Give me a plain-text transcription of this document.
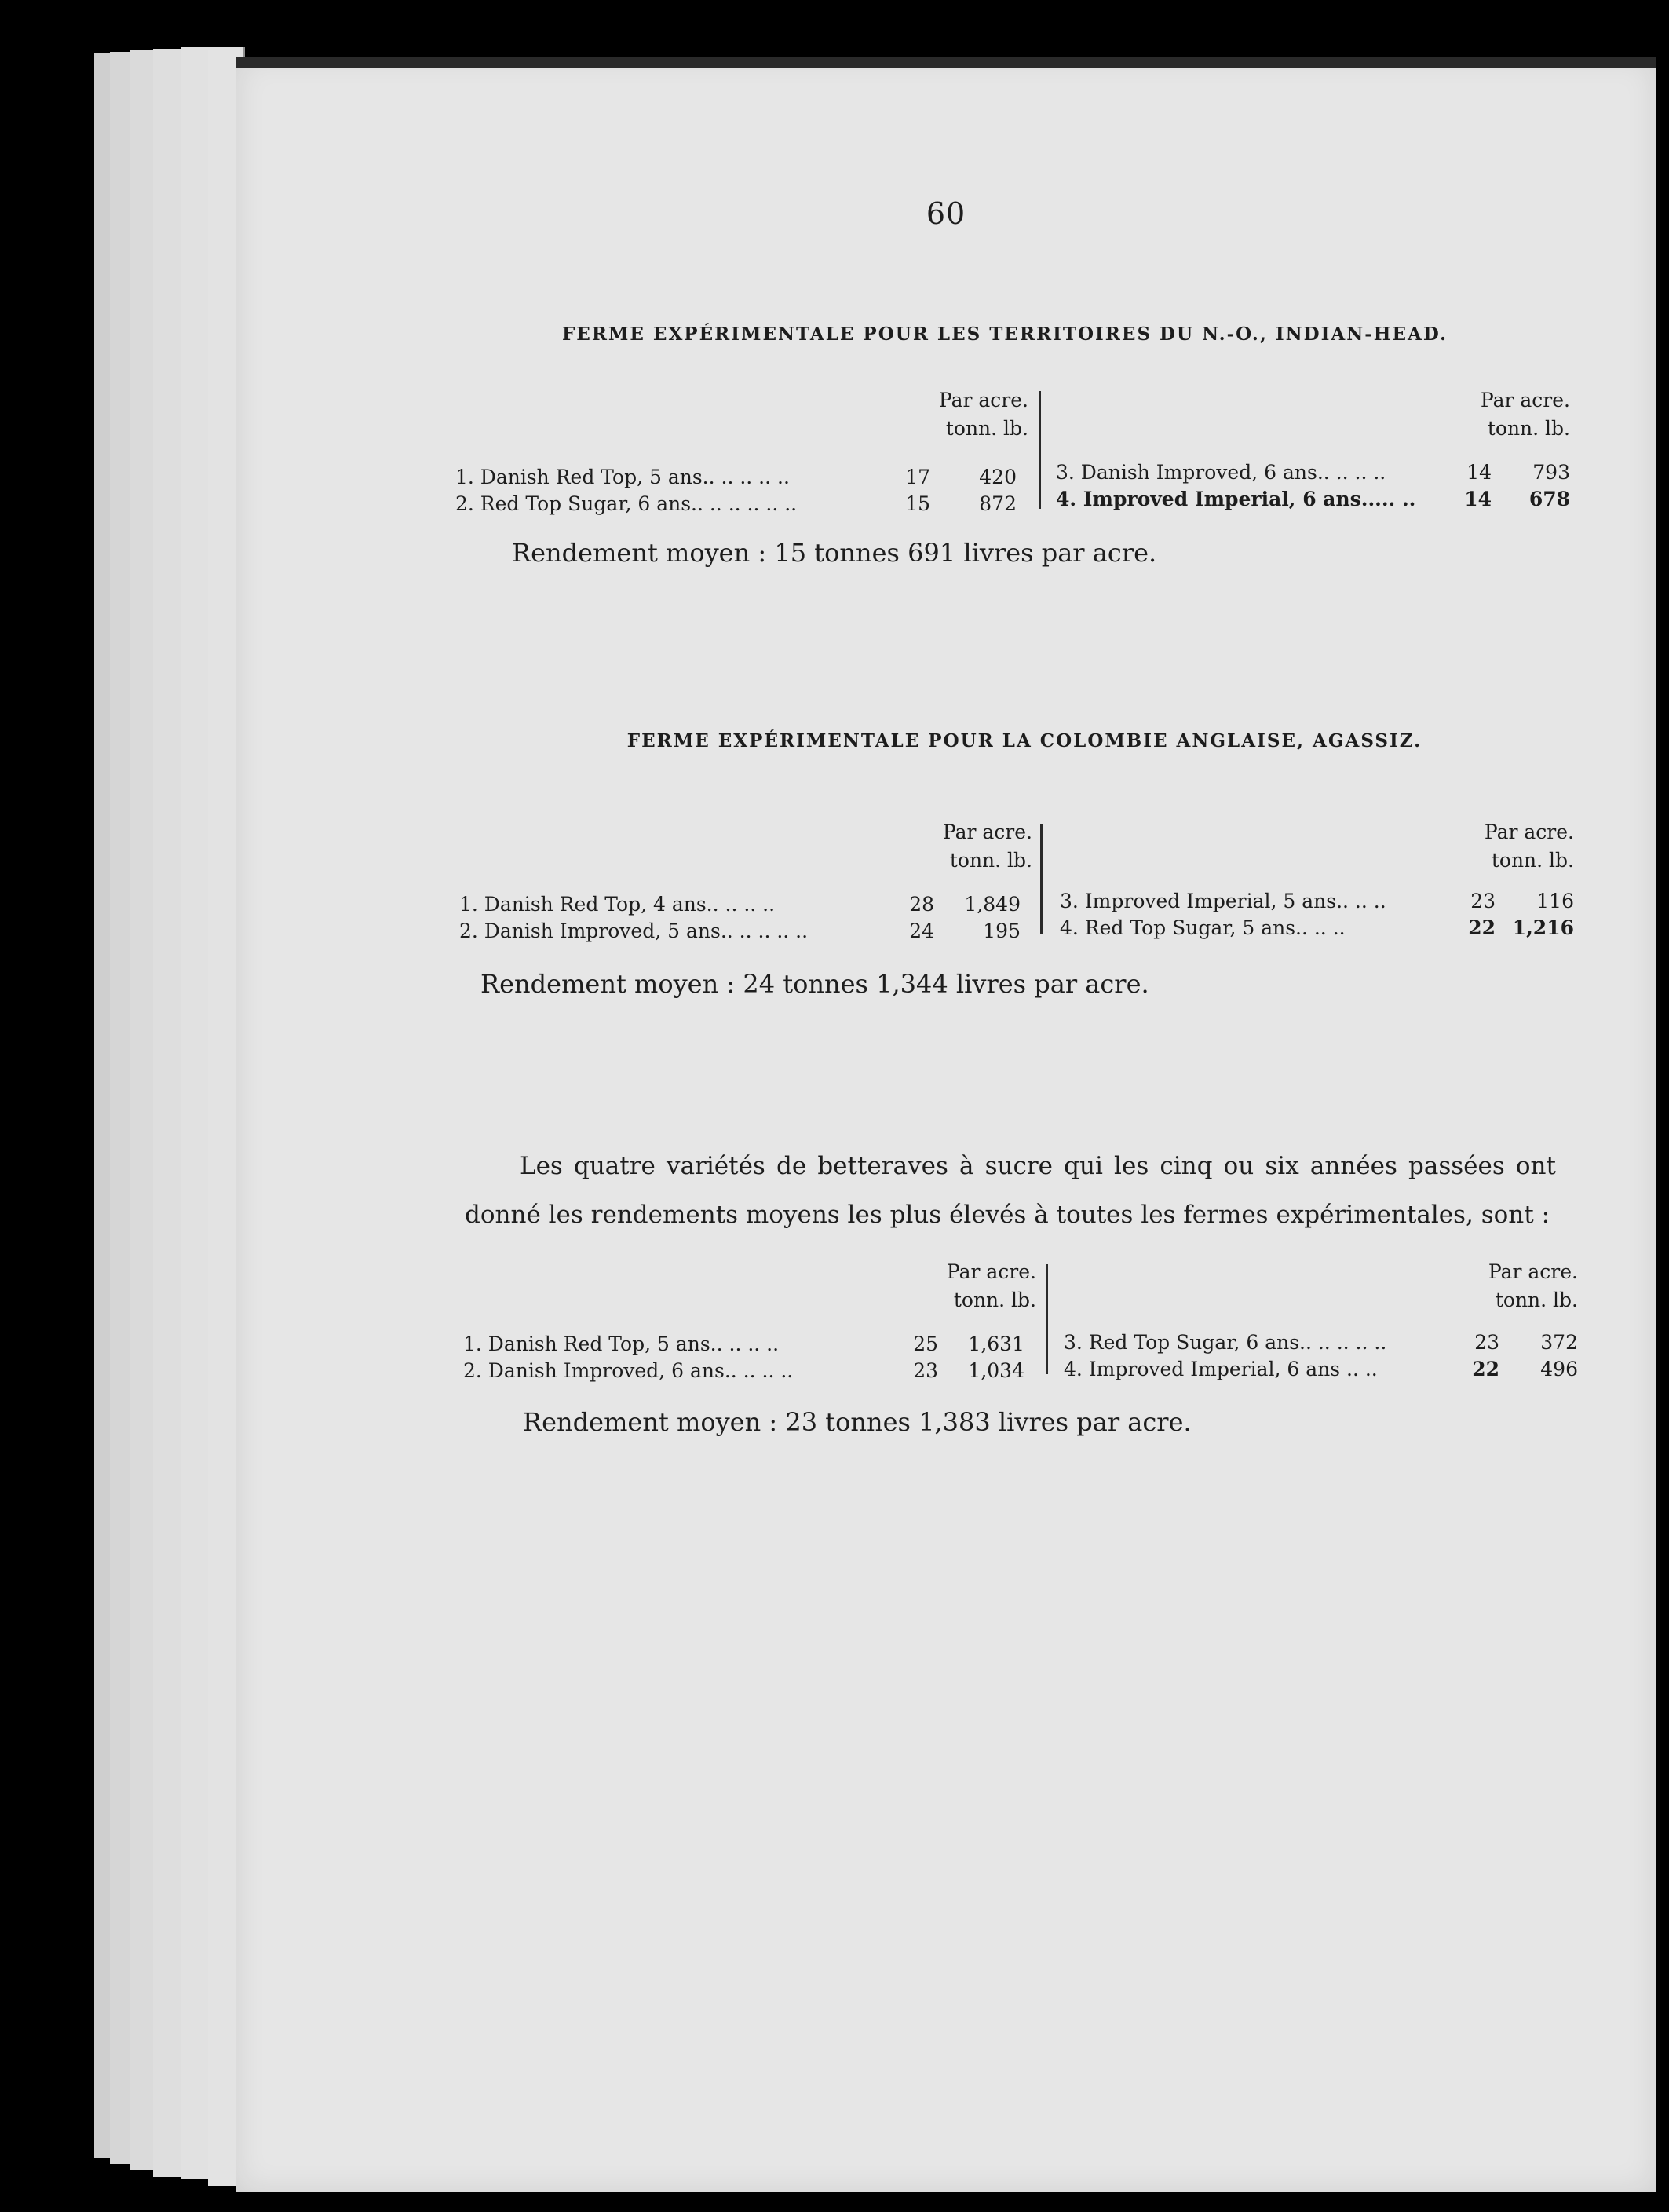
60
FERME EXPÉRIMENTALE POUR LES TERRITOIRES DU N.-O., INDIAN-HEAD.
Par acre.
tonn. lb.
Par acre.
tonn. lb.
1. Danish Red Top, 5 ans.. .. .. .. ..	17	420
2. Red Top Sugar, 6 ans.. .. .. .. .. ..	15	872
3. Danish Improved, 6 ans.. .. .. ..	14	793
4. Improved Imperial, 6 ans..... ..	14	678
Rendement moyen : 15 tonnes 691 livres par acre.
FERME EXPÉRIMENTALE POUR LA COLOMBIE ANGLAISE, AGASSIZ.
Par acre.
tonn. lb.
Par acre.
tonn. lb.
1. Danish Red Top, 4 ans.. .. .. ..	28	1,849
2. Danish Improved, 5 ans.. .. .. .. ..	24	195
3. Improved Imperial, 5 ans.. .. ..	23	116
4. Red Top Sugar, 5 ans.. .. ..	22 1,216
Rendement moyen : 24 tonnes 1,344 livres par acre.
Les quatre variétés de betteraves à sucre qui les cinq ou six années passées ont donné les rendements moyens les plus élevés à toutes les fermes expérimentales, sont :
Par acre.
tonn. lb.
Par acre.
tonn. lb.
1. Danish Red Top, 5 ans.. .. .. ..	25	1,631
2. Danish Improved, 6 ans.. .. .. ..	23	1,034
3. Red Top Sugar, 6 ans.. .. .. .. ..	23	372
4. Improved Imperial, 6 ans .. ..	22	496
Rendement moyen : 23 tonnes 1,383 livres par acre.
